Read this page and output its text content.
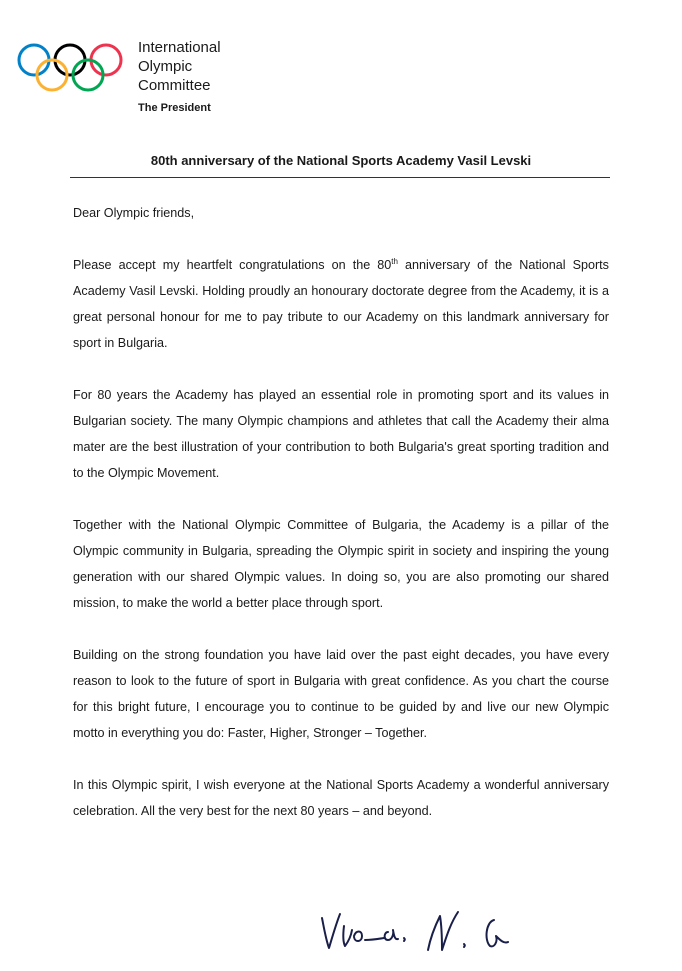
International
Olympic
Committee
The President
80th anniversary of the National Sports Academy Vasil Levski

Dear Olympic friends,

Please accept my heartfelt congratulations on the 80th anniversary of the National Sports Academy Vasil Levski. Holding proudly an honourary doctorate degree from the Academy, it is a great personal honour for me to pay tribute to our Academy on this landmark anniversary for sport in Bulgaria.

For 80 years the Academy has played an essential role in promoting sport and its values in Bulgarian society. The many Olympic champions and athletes that call the Academy their alma mater are the best illustration of your contribution to both Bulgaria's great sporting tradition and to the Olympic Movement.

Together with the National Olympic Committee of Bulgaria, the Academy is a pillar of the Olympic community in Bulgaria, spreading the Olympic spirit in society and inspiring the young generation with our shared Olympic values. In doing so, you are also promoting our shared mission, to make the world a better place through sport.

Building on the strong foundation you have laid over the past eight decades, you have every reason to look to the future of sport in Bulgaria with great confidence. As you chart the course for this bright future, I encourage you to continue to be guided by and live our new Olympic motto in everything you do: Faster, Higher, Stronger – Together.

In this Olympic spirit, I wish everyone at the National Sports Academy a wonderful anniversary celebration. All the very best for the next 80 years – and beyond.
